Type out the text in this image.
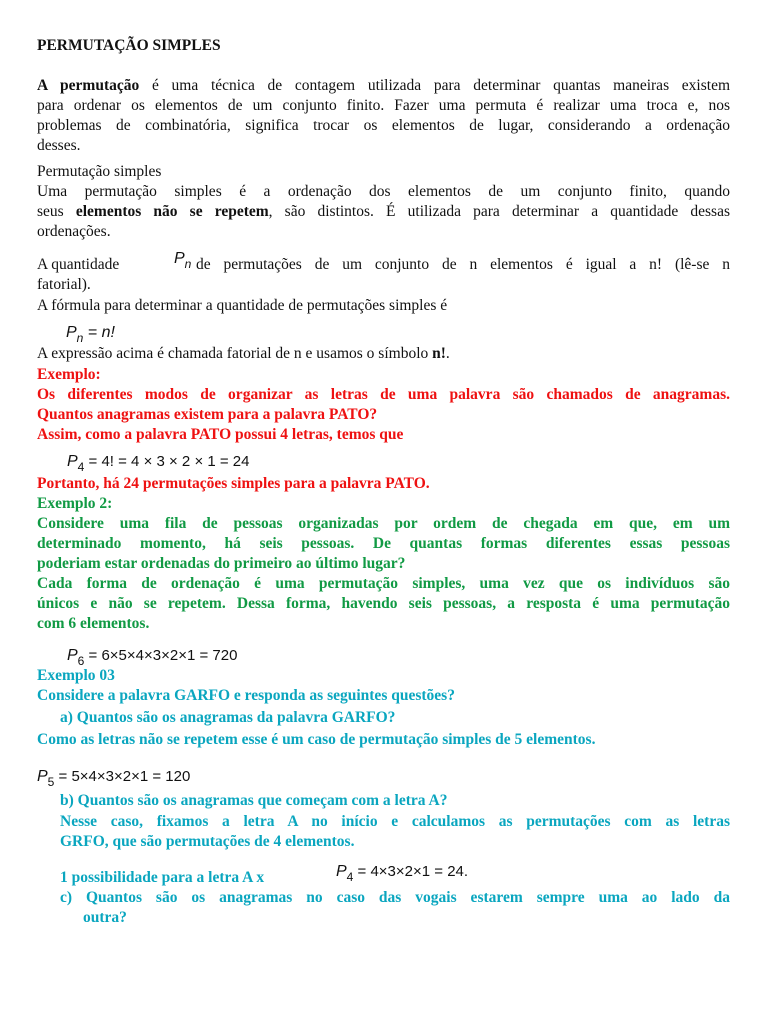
PERMUTAÇÃO SIMPLES
A permutação é uma técnica de contagem utilizada para determinar quantas maneiras existem
para ordenar os elementos de um conjunto finito. Fazer uma permuta é realizar uma troca e, nos
problemas de combinatória, significa trocar os elementos de lugar, considerando a ordenação
desses.
Permutação simples
Uma permutação simples é a ordenação dos elementos de um conjunto finito, quando
seus elementos não se repetem, são distintos. É utilizada para determinar a quantidade dessas
ordenações.
A quantidade	$P_n$ de permutações de um conjunto de n elementos é igual a n! (lê-se n
fatorial).
A fórmula para determinar a quantidade de permutações simples é
$P_n = n$!
A expressão acima é chamada fatorial de n e usamos o símbolo n!.
Exemplo:
Os diferentes modos de organizar as letras de uma palavra são chamados de anagramas.
Quantos anagramas existem para a palavra PATO?
Assim, como a palavra PATO possui 4 letras, temos que
$P_4 = 4$! = 4 × 3 × 2 × 1 = 24
Portanto, há 24 permutações simples para a palavra PATO.
Exemplo 2:
Considere uma fila de pessoas organizadas por ordem de chegada em que, em um
determinado momento, há seis pessoas. De quantas formas diferentes essas pessoas
poderiam estar ordenadas do primeiro ao último lugar?
Cada forma de ordenação é uma permutação simples, uma vez que os indivíduos são
únicos e não se repetem. Dessa forma, havendo seis pessoas, a resposta é uma permutação
com 6 elementos.
$P_6 = 6\times 5\times 4\times 3\times 2\times 1 = 720$
Exemplo 03
Considere a palavra GARFO e responda as seguintes questões?
a) Quantos são os anagramas da palavra GARFO?
Como as letras não se repetem esse é um caso de permutação simples de 5 elementos.
$P_5 = 5\times 4\times 3\times 2\times 1 = 120$
b) Quantos são os anagramas que começam com a letra A?
Nesse caso, fixamos a letra A no início e calculamos as permutações com as letras
GRFO, que são permutações de 4 elementos.
1 possibilidade para a letra A x	$P_4 = 4\times 3\times 2\times 1 = 24$.
c) Quantos são os anagramas no caso das vogais estarem sempre uma ao lado da
outra?
